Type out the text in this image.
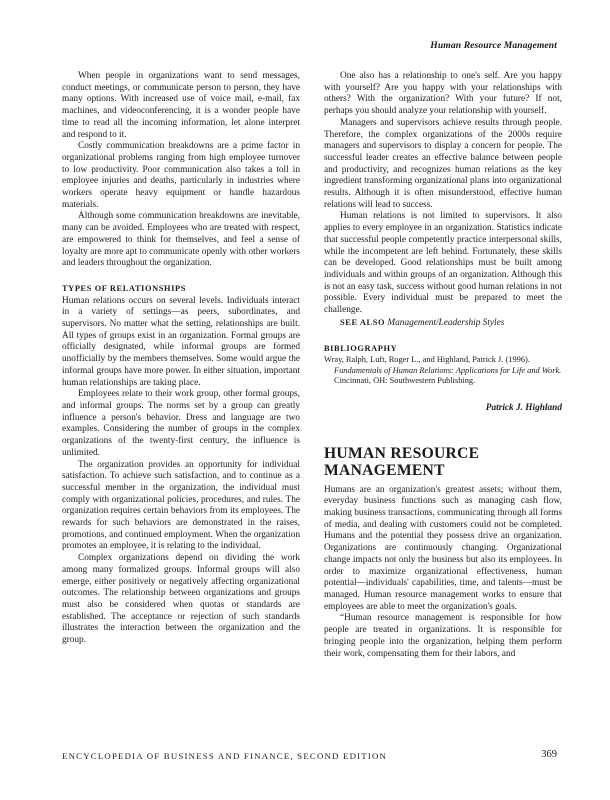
Human Resource Management

When people in organizations want to send messages, conduct meetings, or communicate person to person, they have many options. With increased use of voice mail, e-mail, fax machines, and videoconferencing, it is a wonder people have time to read all the incoming information, let alone interpret and respond to it.

Costly communication breakdowns are a prime factor in organizational problems ranging from high employee turnover to low productivity. Poor communication also takes a toll in employee injuries and deaths, particularly in industries where workers operate heavy equipment or handle hazardous materials.

Although some communication breakdowns are inevitable, many can be avoided. Employees who are treated with respect, are empowered to think for themselves, and feel a sense of loyalty are more apt to communicate openly with other workers and leaders throughout the organization.

TYPES OF RELATIONSHIPS

Human relations occurs on several levels. Individuals interact in a variety of settings—as peers, subordinates, and supervisors. No matter what the setting, relationships are built. All types of groups exist in an organization. Formal groups are officially designated, while informal groups are formed unofficially by the members themselves. Some would argue the informal groups have more power. In either situation, important human relationships are taking place.

Employees relate to their work group, other formal groups, and informal groups. The norms set by a group can greatly influence a person's behavior. Dress and language are two examples. Considering the number of groups in the complex organizations of the twenty-first century, the influence is unlimited.

The organization provides an opportunity for individual satisfaction. To achieve such satisfaction, and to continue as a successful member in the organization, the individual must comply with organizational policies, procedures, and rules. The organization requires certain behaviors from its employees. The rewards for such behaviors are demonstrated in the raises, promotions, and continued employment. When the organization promotes an employee, it is relating to the individual.

Complex organizations depend on dividing the work among many formalized groups. Informal groups will also emerge, either positively or negatively affecting organizational outcomes. The relationship between organizations and groups must also be considered when quotas or standards are established. The acceptance or rejection of such standards illustrates the interaction between the organization and the group.

One also has a relationship to one's self. Are you happy with yourself? Are you happy with your relationships with others? With the organization? With your future? If not, perhaps you should analyze your relationship with yourself.

Managers and supervisors achieve results through people. Therefore, the complex organizations of the 2000s require managers and supervisors to display a concern for people. The successful leader creates an effective balance between people and productivity, and recognizes human relations as the key ingredient transforming organizational plans into organizational results. Although it is often misunderstood, effective human relations will lead to success.

Human relations is not limited to supervisors. It also applies to every employee in an organization. Statistics indicate that successful people competently practice interpersonal skills, while the incompetent are left behind. Fortunately, these skills can be developed. Good relationships must be built among individuals and within groups of an organization. Although this is not an easy task, success without good human relations in not possible. Every individual must be prepared to meet the challenge.

SEE ALSO Management/Leadership Styles

BIBLIOGRAPHY
Wray, Ralph, Luft, Roger L., and Highland, Patrick J. (1996). Fundamentals of Human Relations: Applications for Life and Work. Cincinnati, OH: Southwestern Publishing.
Patrick J. Highland
HUMAN RESOURCE MANAGEMENT

Humans are an organization's greatest assets; without them, everyday business functions such as managing cash flow, making business transactions, communicating through all forms of media, and dealing with customers could not be completed. Humans and the potential they possess drive an organization. Organizations are continuously changing. Organizational change impacts not only the business but also its employees. In order to maximize organizational effectiveness, human potential—individuals' capabilities, time, and talents—must be managed. Human resource management works to ensure that employees are able to meet the organization's goals.

“Human resource management is responsible for how people are treated in organizations. It is responsible for bringing people into the organization, helping them perform their work, compensating them for their labors, and

ENCYCLOPEDIA OF BUSINESS AND FINANCE, SECOND EDITION	369
